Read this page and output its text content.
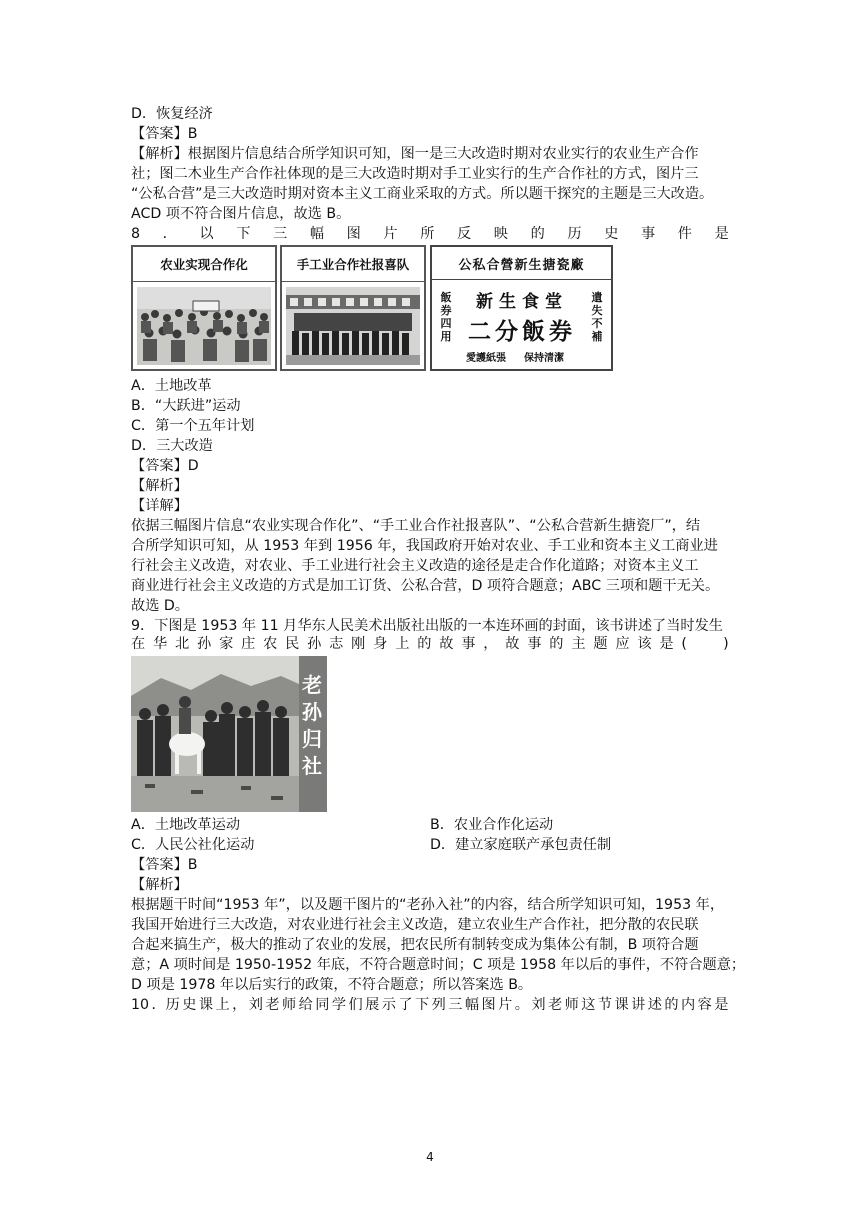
D．恢复经济
【答案】B
【解析】根据图片信息结合所学知识可知，图一是三大改造时期对农业实行的农业生产合作
社；图二木业生产合作社体现的是三大改造时期对手工业实行的生产合作社的方式，图片三
“公私合营”是三大改造时期对资本主义工商业采取的方式。所以题干探究的主题是三大改造。
ACD 项不符合图片信息，故选 B。
8 ． 以 下 三 幅 图 片 所 反 映 的 历 史 事 件 是
农业实现合作化	手工业合作社报喜队	公私合營新生搪瓷廠
飯券四用
遺失不補
新生食堂
二分飯券
愛護紙張 保持清潔
A．土地改革
B．“大跃进”运动
C．第一个五年计划
D．三大改造
【答案】D
【解析】
【详解】
依据三幅图片信息“农业实现合作化”、“手工业合作社报喜队”、“公私合营新生搪瓷厂”，结
合所学知识可知，从 1953 年到 1956 年，我国政府开始对农业、手工业和资本主义工商业进
行社会主义改造，对农业、手工业进行社会主义改造的途径是走合作化道路；对资本主义工
商业进行社会主义改造的方式是加工订货、公私合营，D 项符合题意；ABC 三项和题干无关。
故选 D。
9．下图是 1953 年 11 月华东人民美术出版社出版的一本连环画的封面，该书讲述了当时发生
在 华 北 孙 家 庄 农 民 孙 志 刚 身 上 的 故 事 ， 故 事 的 主 题 应 该 是 ( 　　)
老孙归社
A．土地改革运动	B．农业合作化运动
C．人民公社化运动	D．建立家庭联产承包责任制
【答案】B
【解析】
根据题干时间“1953 年”，以及题干图片的“老孙入社”的内容，结合所学知识可知，1953 年，
我国开始进行三大改造，对农业进行社会主义改造，建立农业生产合作社，把分散的农民联
合起来搞生产，极大的推动了农业的发展，把农民所有制转变成为集体公有制，B 项符合题
意；A 项时间是 1950-1952 年底，不符合题意时间；C 项是 1958 年以后的事件，不符合题意；
D 项是 1978 年以后实行的政策，不符合题意；所以答案选 B。
10 ．历 史 课 上 ， 刘 老 师 给 同 学 们 展 示 了 下 列 三 幅 图 片 。 刘 老 师 这 节 课 讲 述 的 内 容 是
4
